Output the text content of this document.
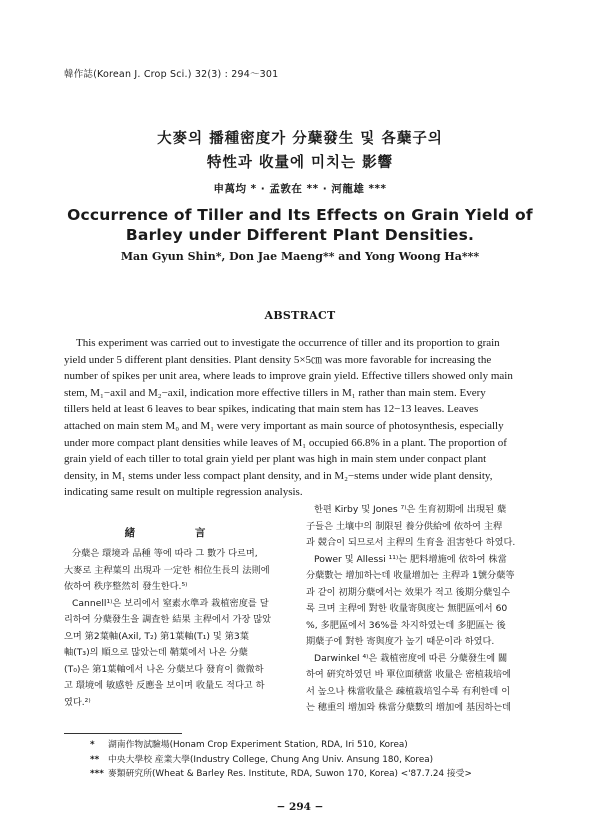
韓作誌(Korean J. Crop Sci.) 32(3) : 294〜301
大麥의 播種密度가 分蘖發生 및 各蘖子의
特性과 收量에 미치는 影響
申萬均 * · 孟敦在 ** · 河龍雄 ***
Occurrence of Tiller and Its Effects on Grain Yield of
Barley under Different Plant Densities.
Man Gyun Shin*, Don Jae Maeng** and Yong Woong Ha***
ABSTRACT
This experiment was carried out to investigate the occurrence of tiller and its proportion to grain
yield under 5 different plant densities. Plant density 5×5㎝ was more favorable for increasing the
number of spikes per unit area, where leads to improve grain yield. Effective tillers showed only main
stem, M₁−axil and M₂−axil, indication more effective tillers in M₁ rather than main stem. Every
tillers held at least 6 leaves to bear spikes, indicating that main stem has 12−13 leaves. Leaves
attached on main stem M₀ and M₁ were very important as main source of photosynthesis, especially
under more compact plant densities while leaves of M₁ occupied 66.8% in a plant. The proportion of
grain yield of each tiller to total grain yield per plant was high in main stem under conpact plant
density, in M₁ stems under less compact plant density, and in M₂−stems under wide plant density,
indicating same result on multiple regression analysis.
緒 言
分蘖은 環境과 品種 等에 따라 그 數가 다르며,
大麥로 主稈葉의 出現과 一定한 相位生長의 法則에
依하여 秩序整然히 發生한다.⁵⁾
Cannell¹⁾은 보리에서 窒素水準과 栽植密度를 달
리하여 分蘖發生을 調査한 結果 主稈에서 가장 많았
으며 第2葉軸(Axil, T₂) 第1葉軸(T₁) 및 第3葉
軸(T₃)의 順으로 많았는데 鞘葉에서 나온 分蘖
(T₀)은 第1葉軸에서 나온 分蘖보다 發育이 微微하
고 環境에 敏感한 反應을 보이며 收量도 적다고 하
였다.²⁾
한편 Kirby 및 Jones ⁷⁾은 生育初期에 出現된 蘖
子들은 土壤中의 制限된 養分供給에 依하여 主稈
과 競合이 되므로서 主稈의 生育을 沮害한다 하였다.
Power 및 Allessi ¹¹⁾는 肥料增施에 依하여 株當
分蘖數는 增加하는데 收量增加는 主稈과 1號分蘖等
과 같이 初期分蘖에서는 效果가 적고 後期分蘖일수
록 크며 主稈에 對한 收量寄與度는 無肥區에서 60
%, 多肥區에서 36%를 차지하였는데 多肥區는 後
期蘖子에 對한 寄與度가 높기 때문이라 하였다.
Darwinkel ⁴⁾은 栽植密度에 따른 分蘖發生에 關
하여 硏究하였던 바 單位面積當 收量은 密植栽培에
서 높으나 株當收量은 疎植栽培일수록 有利한데 이
는 穗重의 增加와 株當分蘖數의 增加에 基因하는데
* 湖南作物試驗場(Honam Crop Experiment Station, RDA, Iri 510, Korea)
** 中央大學校 産業大學(Industry College, Chung Ang Univ. Ansung 180, Korea)
*** 麥類硏究所(Wheat & Barley Res. Institute, RDA, Suwon 170, Korea) <'87.7.24 接受>
− 294 −
